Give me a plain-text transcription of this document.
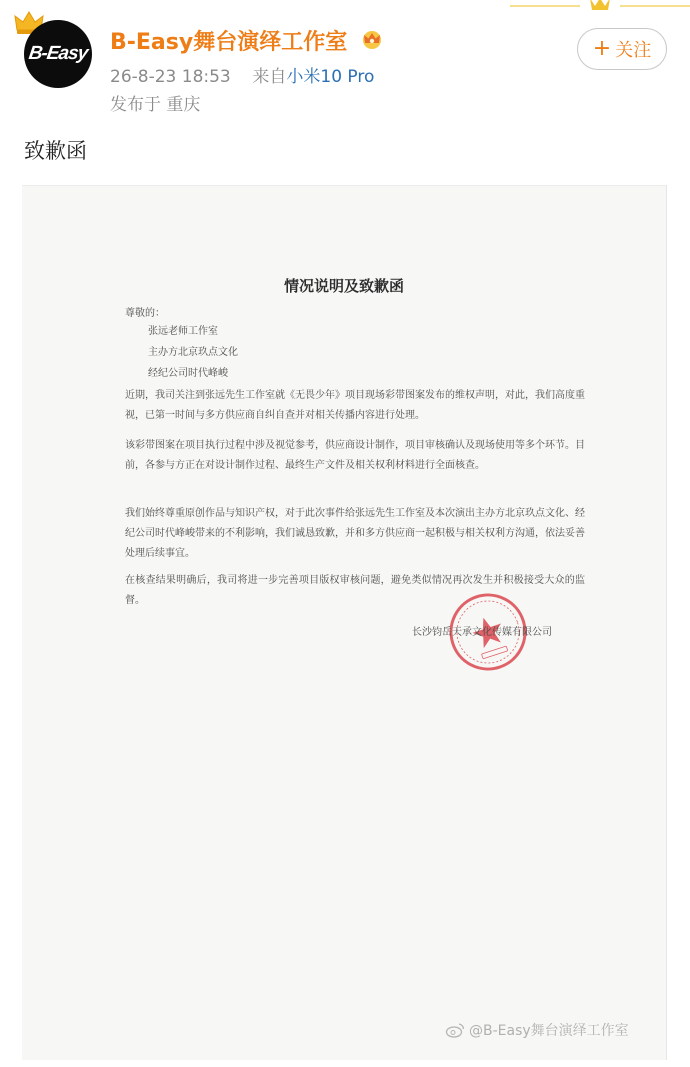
B-Easy B-Easy舞台演绎工作室
26-8-23 18:53 来自小米10 Pro
发布于 重庆
+ 关注
致歉函
情况说明及致歉函
尊敬的：

张远老师工作室

主办方北京玖点文化

经纪公司时代峰峻

近期，我司关注到张远先生工作室就《无畏少年》项目现场彩带图案发布的维权声明，对此，我们高度重视，已第一时间与多方供应商自纠自查并对相关传播内容进行处理。
该彩带图案在项目执行过程中涉及视觉参考，供应商设计制作，项目审核确认及现场使用等多个环节。目前，各参与方正在对设计制作过程、最终生产文件及相关权利材料进行全面核查。
我们始终尊重原创作品与知识产权，对于此次事件给张远先生工作室及本次演出主办方北京玖点文化、经纪公司时代峰峻带来的不利影响，我们诚恳致歉，并和多方供应商一起积极与相关权利方沟通，依法妥善处理后续事宜。
在核查结果明确后，我司将进一步完善项目版权审核问题，避免类似情况再次发生并积极接受大众的监督。
长沙钧岳天承文化传媒有限公司
@B-Easy舞台演绎工作室
